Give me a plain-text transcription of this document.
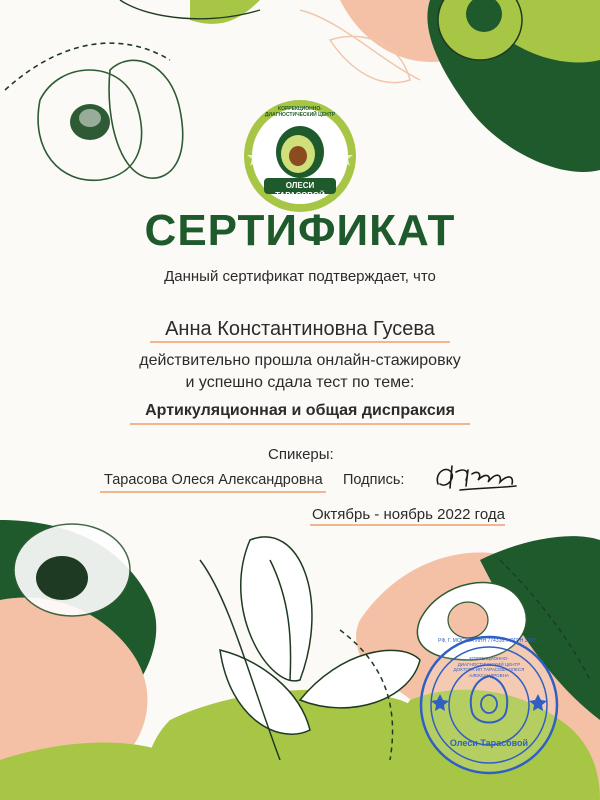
КОРРЕКЦИОННО-ДИАГНОСТИЧЕСКИЙ ЦЕНТР
ОЛЕСИ ТАРАСОВОЙ
СЕРТИФИКАТ
Данный сертификат подтверждает, что
Анна Константиновна Гусева
действительно прошла онлайн-стажировку
и успешно сдала тест по теме:
Артикуляционная и общая диспраксия
Спикеры:
Тарасова Олеся Александровна Подпись:
Октябрь - ноябрь 2022 года
РФ, Г. МОСКВА ИНН 774316... ОГРН 3207...
КОРРЕКЦИОННО-ДИАГНОСТИЧЕСКИЙ ЦЕНТР ДОКТОРА ИП ТАРАСОВА ОЛЕСЯ АЛЕКСАНДРОВНА
Олеси Тарасовой
